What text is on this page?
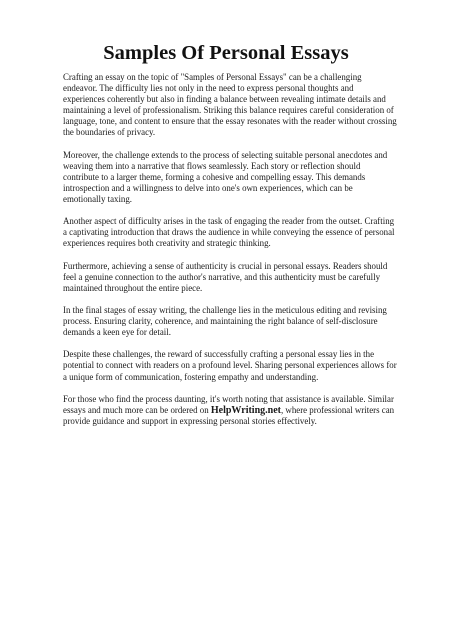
Samples Of Personal Essays

Crafting an essay on the topic of "Samples of Personal Essays" can be a challenging endeavor. The difficulty lies not only in the need to express personal thoughts and experiences coherently but also in finding a balance between revealing intimate details and maintaining a level of professionalism. Striking this balance requires careful consideration of language, tone, and content to ensure that the essay resonates with the reader without crossing the boundaries of privacy.

Moreover, the challenge extends to the process of selecting suitable personal anecdotes and weaving them into a narrative that flows seamlessly. Each story or reflection should contribute to a larger theme, forming a cohesive and compelling essay. This demands introspection and a willingness to delve into one's own experiences, which can be emotionally taxing.

Another aspect of difficulty arises in the task of engaging the reader from the outset. Crafting a captivating introduction that draws the audience in while conveying the essence of personal experiences requires both creativity and strategic thinking.

Furthermore, achieving a sense of authenticity is crucial in personal essays. Readers should feel a genuine connection to the author's narrative, and this authenticity must be carefully maintained throughout the entire piece.

In the final stages of essay writing, the challenge lies in the meticulous editing and revising process. Ensuring clarity, coherence, and maintaining the right balance of self-disclosure demands a keen eye for detail.

Despite these challenges, the reward of successfully crafting a personal essay lies in the potential to connect with readers on a profound level. Sharing personal experiences allows for a unique form of communication, fostering empathy and understanding.

For those who find the process daunting, it's worth noting that assistance is available. Similar essays and much more can be ordered on HelpWriting.net, where professional writers can provide guidance and support in expressing personal stories effectively.
